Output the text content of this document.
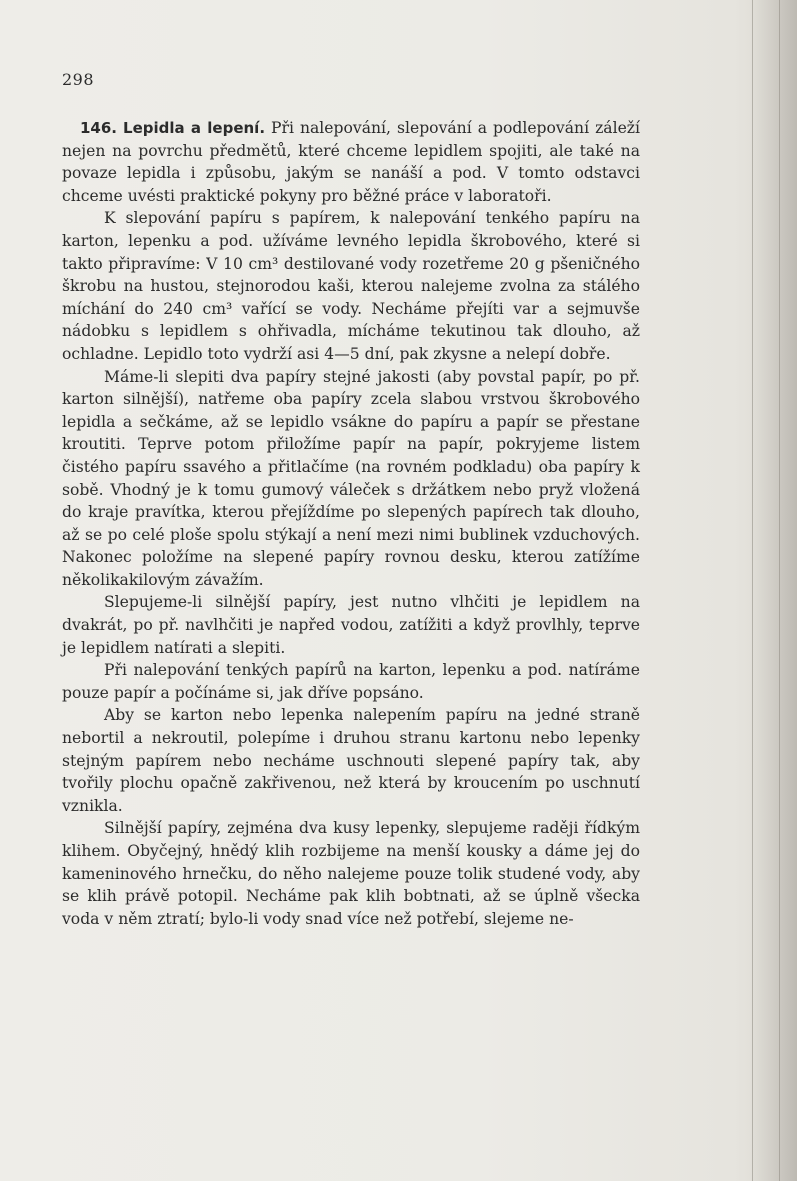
298

146. Lepidla a lepení. Při nalepování, slepování a podlepování záleží nejen na povrchu předmětů, které chceme lepidlem spojiti, ale také na povaze lepidla i způsobu, jakým se nanáší a pod. V tomto odstavci chceme uvésti praktické pokyny pro běžné práce v laboratoři.

K slepování papíru s papírem, k nalepování tenkého papíru na karton, lepenku a pod. užíváme levného lepidla škrobového, které si takto připravíme: V 10 cm³ destilované vody rozetřeme 20 g pšeničného škrobu na hustou, stejnorodou kaši, kterou nalejeme zvolna za stálého míchání do 240 cm³ vařící se vody. Necháme přejíti var a sejmuvše nádobku s lepidlem s ohřivadla, mícháme tekutinou tak dlouho, až ochladne. Lepidlo toto vydrží asi 4—5 dní, pak zkysne a nelepí dobře.

Máme-li slepiti dva papíry stejné jakosti (aby povstal papír, po př. karton silnější), natřeme oba papíry zcela slabou vrstvou škrobového lepidla a sečkáme, až se lepidlo vsákne do papíru a papír se přestane kroutiti. Teprve potom přiložíme papír na papír, pokryjeme listem čistého papíru ssavého a přitlačíme (na rovném podkladu) oba papíry k sobě. Vhodný je k tomu gumový váleček s držátkem nebo pryž vložená do kraje pravítka, kterou přejíždíme po slepených papírech tak dlouho, až se po celé ploše spolu stýkají a není mezi nimi bublinek vzduchových. Nakonec položíme na slepené papíry rovnou desku, kterou zatížíme několikakilovým závažím.

Slepujeme-li silnější papíry, jest nutno vlhčiti je lepidlem na dvakrát, po př. navlhčiti je napřed vodou, zatížiti a když provlhly, teprve je lepidlem natírati a slepiti.

Při nalepování tenkých papírů na karton, lepenku a pod. natíráme pouze papír a počínáme si, jak dříve popsáno.

Aby se karton nebo lepenka nalepením papíru na jedné straně nebortil a nekroutil, polepíme i druhou stranu kartonu nebo lepenky stejným papírem nebo necháme uschnouti slepené papíry tak, aby tvořily plochu opačně zakřivenou, než která by kroucením po uschnutí vznikla.

Silnější papíry, zejména dva kusy lepenky, slepujeme raději řídkým klihem. Obyčejný, hnědý klih rozbijeme na menší kousky a dáme jej do kameninového hrnečku, do něho nalejeme pouze tolik studené vody, aby se klih právě potopil. Necháme pak klih bobtnati, až se úplně všecka voda v něm ztratí; bylo-li vody snad více než potřebí, slejeme ne-
